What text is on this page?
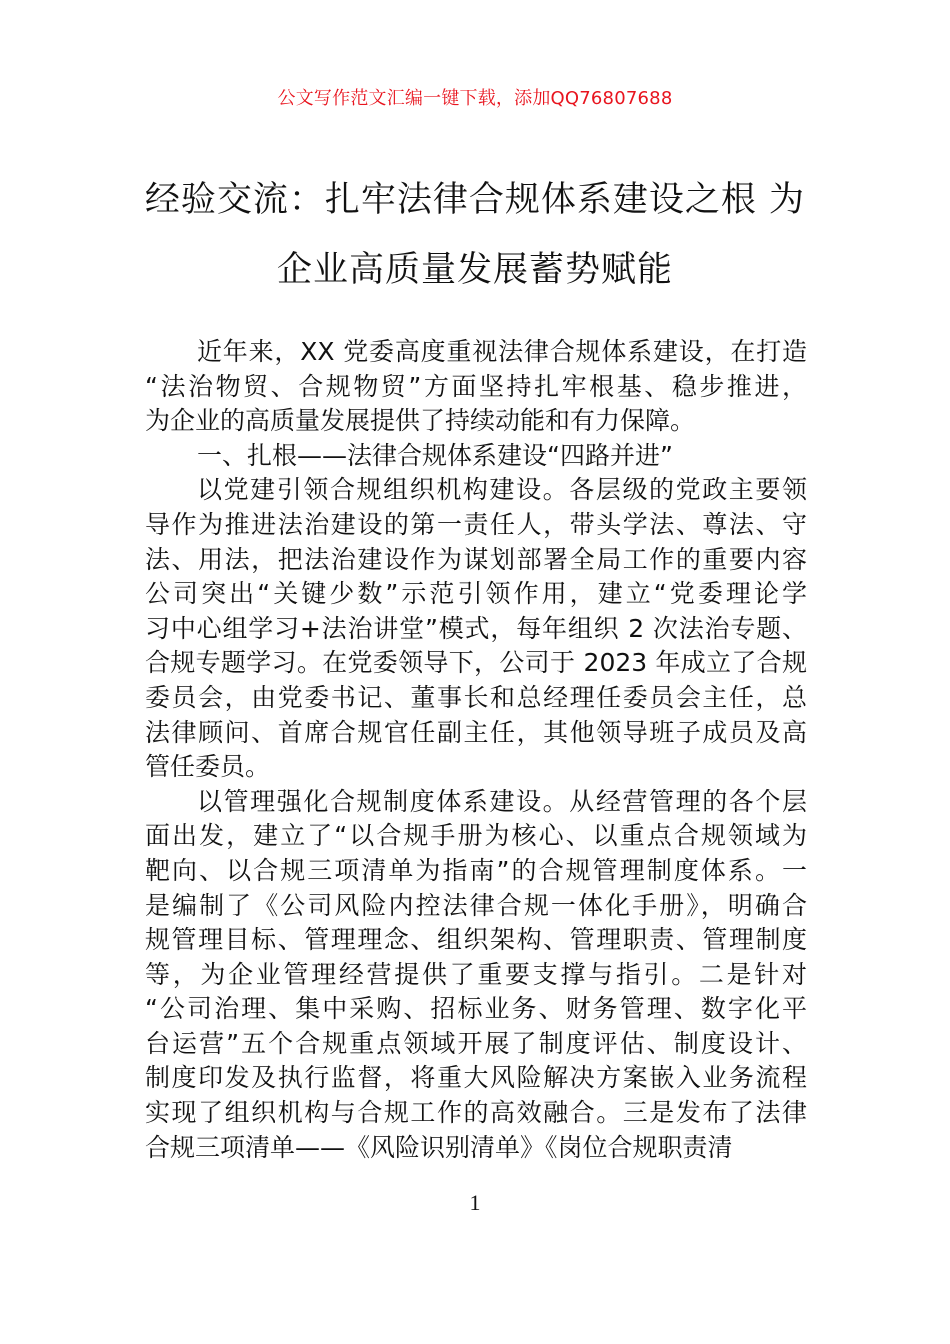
公文写作范文汇编一键下载，添加QQ76807688
经验交流：扎牢法律合规体系建设之根 为
企业高质量发展蓄势赋能
近年来，XX 党委高度重视法律合规体系建设，在打造
“法治物贸、合规物贸”方面坚持扎牢根基、稳步推进，
为企业的高质量发展提供了持续动能和有力保障。
一、扎根——法律合规体系建设“四路并进”
以党建引领合规组织机构建设。各层级的党政主要领
导作为推进法治建设的第一责任人，带头学法、尊法、守
法、用法，把法治建设作为谋划部署全局工作的重要内容
公司突出“关键少数”示范引领作用，建立“党委理论学
习中心组学习+法治讲堂”模式，每年组织 2 次法治专题、
合规专题学习。在党委领导下，公司于 2023 年成立了合规
委员会，由党委书记、董事长和总经理任委员会主任，总
法律顾问、首席合规官任副主任，其他领导班子成员及高
管任委员。
以管理强化合规制度体系建设。从经营管理的各个层
面出发，建立了“以合规手册为核心、以重点合规领域为
靶向、以合规三项清单为指南”的合规管理制度体系。一
是编制了《公司风险内控法律合规一体化手册》，明确合
规管理目标、管理理念、组织架构、管理职责、管理制度
等，为企业管理经营提供了重要支撑与指引。二是针对
“公司治理、集中采购、招标业务、财务管理、数字化平
台运营”五个合规重点领域开展了制度评估、制度设计、
制度印发及执行监督，将重大风险解决方案嵌入业务流程
实现了组织机构与合规工作的高效融合。三是发布了法律
合规三项清单——《风险识别清单》《岗位合规职责清
1
